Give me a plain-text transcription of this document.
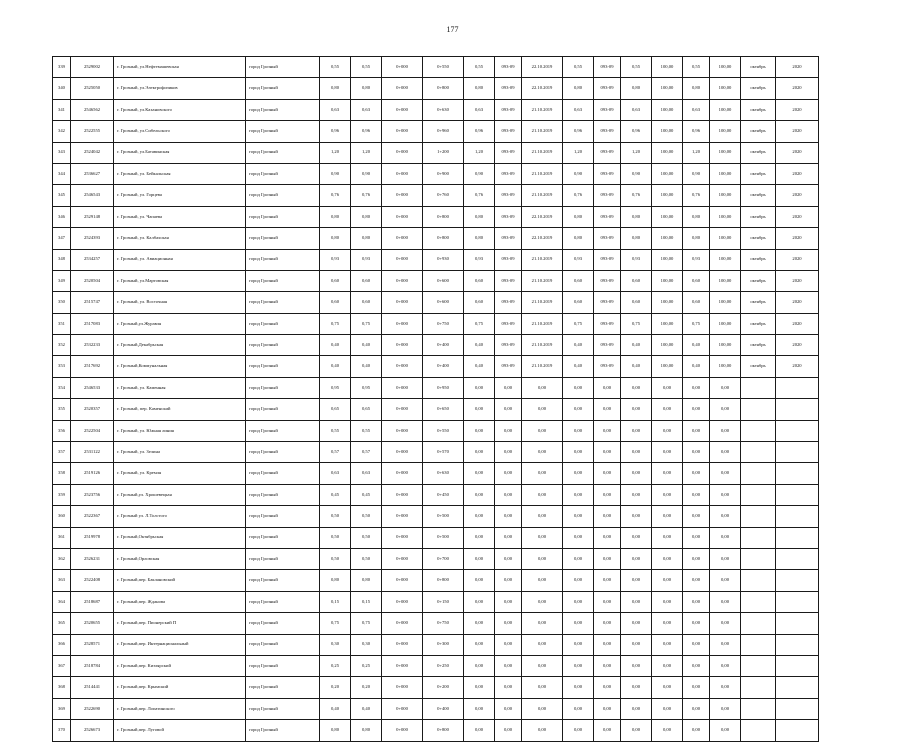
177
339	2529002	г. Грозный, ул.Нефтемашевская	город Грозный	0,55	0,55	0+000	0+550	0,55	093-09	22.10.2019	0,55	093-09	0,55	100,00	0,55	100,00	октябрь	2020
340	2525050	г. Грозный, ул.Электрофизиков	город Грозный	0,80	0,80	0+000	0+800	0,80	093-09	22.10.2019	0,80	093-09	0,80	100,00	0,80	100,00	октябрь	2020
341	2546562	г. Грозный, ул.Кахановского	город Грозный	0,63	0,63	0+000	0+630	0,63	093-09	21.10.2019	0,63	093-09	0,63	100,00	0,63	100,00	октябрь	2020
342	2522555	г. Грозный, ул.Сибельского	город Грозный	0,96	0,96	0+000	0+960	0,96	093-09	21.10.2019	0,96	093-09	0,96	100,00	0,96	100,00	октябрь	2020
343	2524042	г. Грозный, ул.Батавинская	город Грозный	1,20	1,20	0+000	1+200	1,20	093-09	21.10.2019	1,20	093-09	1,20	100,00	1,20	100,00	октябрь	2020
344	2536627	г. Грозный, ул. Бейкальская	город Грозный	0,90	0,90	0+000	0+900	0,90	093-09	21.10.2019	0,90	093-09	0,90	100,00	0,90	100,00	октябрь	2020
345	2546543	г. Грозный, ул. Горцева	город Грозный	0,76	0,76	0+000	0+760	0,76	093-09	21.10.2019	0,76	093-09	0,76	100,00	0,76	100,00	октябрь	2020
346	2529148	г. Грозный, ул. Чапаева	город Грозный	0,80	0,80	0+000	0+800	0,80	093-09	22.10.2019	0,80	093-09	0,80	100,00	0,80	100,00	октябрь	2020
347	2524393	г. Грозный, ул. Калбахская	город Грозный	0,80	0,80	0+000	0+800	0,80	093-09	22.10.2019	0,80	093-09	0,80	100,00	0,80	100,00	октябрь	2020
348	2534257	г. Грозный, ул. Авиационная	город Грозный	0,93	0,93	0+000	0+930	0,93	093-09	21.10.2019	0,93	093-09	0,93	100,00	0,93	100,00	октябрь	2020
349	2520504	г. Грозный, ул.Мартовская	город Грозный	0,60	0,60	0+000	0+600	0,60	093-09	21.10.2019	0,60	093-09	0,60	100,00	0,60	100,00	октябрь	2020
350	2515747	г. Грозный, ул. Восточная	город Грозный	0,60	0,60	0+000	0+600	0,60	093-09	21.10.2019	0,60	093-09	0,60	100,00	0,60	100,00	октябрь	2020
351	2517083	г. Грозный,ул.Журавля	город Грозный	0,75	0,75	0+000	0+750	0,75	093-09	21.10.2019	0,75	093-09	0,75	100,00	0,75	100,00	октябрь	2020
352	2532233	г. Грозный,Декабрьская	город Грозный	0,40	0,40	0+000	0+400	0,40	093-09	21.10.2019	0,40	093-09	0,40	100,00	0,40	100,00	октябрь	2020
353	2517692	г. Грозный,Коммунальная	город Грозный	0,40	0,40	0+000	0+400	0,40	093-09	21.10.2019	0,40	093-09	0,40	100,00	0,40	100,00	октябрь	2020
354	2546533	г. Грозный, ул. Каменная	город Грозный	0,95	0,95	0+000	0+950	0,00	0,00	0,00	0,00	0,00	0,00	0,00	0,00	0,00		
355	2520357	г. Грозный, пер. Каменский	город Грозный	0,65	0,65	0+000	0+650	0,00	0,00	0,00	0,00	0,00	0,00	0,00	0,00	0,00		
356	2522504	г. Грозный, ул. Южная линия	город Грозный	0,55	0,55	0+000	0+550	0,00	0,00	0,00	0,00	0,00	0,00	0,00	0,00	0,00		
357	2531122	г. Грозный, ул. Зелина	город Грозный	0,57	0,57	0+000	0+570	0,00	0,00	0,00	0,00	0,00	0,00	0,00	0,00	0,00		
358	2519126	г. Грозный, ул. Кремля	город Грозный	0,63	0,63	0+000	0+630	0,00	0,00	0,00	0,00	0,00	0,00	0,00	0,00	0,00		
359	2523756	г. Грозный,ул. Хрошевецкая	город Грозный	0,45	0,45	0+000	0+450	0,00	0,00	0,00	0,00	0,00	0,00	0,00	0,00	0,00		
360	2522367	г. Грозный ул. Л.Толстого	город Грозный	0,50	0,50	0+000	0+500	0,00	0,00	0,00	0,00	0,00	0,00	0,00	0,00	0,00		
361	2519978	г. Грозный,Октябрьская	город Грозный	0,50	0,50	0+000	0+500	0,00	0,00	0,00	0,00	0,00	0,00	0,00	0,00	0,00		
362	2526231	г. Грозный,Орловская	город Грозный	0,50	0,50	0+000	0+700	0,00	0,00	0,00	0,00	0,00	0,00	0,00	0,00	0,00		
363	2522408	г. Грозный,пер. Баклановский	город Грозный	0,80	0,80	0+000	0+800	0,00	0,00	0,00	0,00	0,00	0,00	0,00	0,00	0,00		
364	2518687	г. Грозный,пер. Жданова	город Грозный	0,15	0,15	0+000	0+150	0,00	0,00	0,00	0,00	0,00	0,00	0,00	0,00	0,00		
365	2520655	г. Грозный,пер. Пионерский П	город Грозный	0,75	0,75	0+000	0+750	0,00	0,00	0,00	0,00	0,00	0,00	0,00	0,00	0,00		
366	2528571	г. Грозный,пер. Интернациональный	город Грозный	0,30	0,30	0+000	0+300	0,00	0,00	0,00	0,00	0,00	0,00	0,00	0,00	0,00		
367	2518784	г. Грозный,пер. Кизлярский	город Грозный	0,25	0,25	0+000	0+250	0,00	0,00	0,00	0,00	0,00	0,00	0,00	0,00	0,00		
368	2514441	г. Грозный,пер. Крымский	город Грозный	0,20	0,20	0+000	0+200	0,00	0,00	0,00	0,00	0,00	0,00	0,00	0,00	0,00		
369	2522690	г. Грозный,пер. Лопатинского	город Грозный	0,40	0,40	0+000	0+400	0,00	0,00	0,00	0,00	0,00	0,00	0,00	0,00	0,00		
370	2526673	г. Грозный,пер. Луговой	город Грозный	0,80	0,80	0+000	0+800	0,00	0,00	0,00	0,00	0,00	0,00	0,00	0,00	0,00		
